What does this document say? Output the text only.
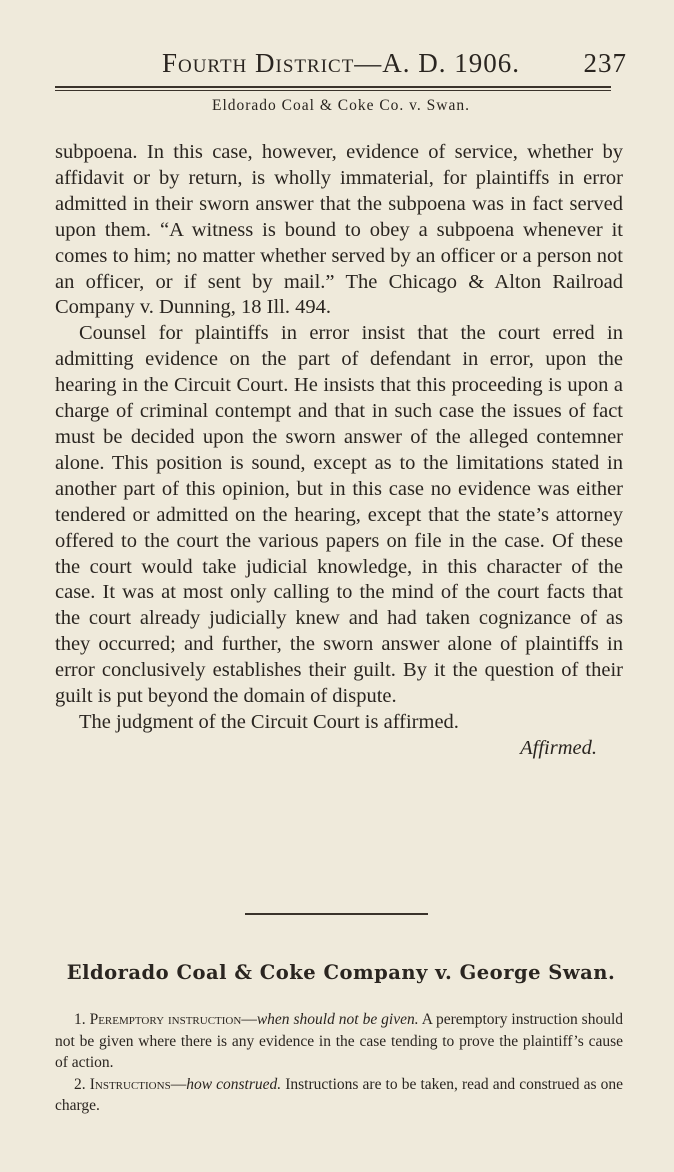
Fourth District—A. D. 1906.	237
Eldorado Coal & Coke Co. v. Swan.

subpoena. In this case, however, evidence of service, whether by affidavit or by return, is wholly immaterial, for plaintiffs in error admitted in their sworn answer that the subpoena was in fact served upon them. “A witness is bound to obey a subpoena whenever it comes to him; no matter whether served by an officer or a person not an officer, or if sent by mail.” The Chicago & Alton Railroad Company v. Dunning, 18 Ill. 494.

Counsel for plaintiffs in error insist that the court erred in admitting evidence on the part of defendant in error, upon the hearing in the Circuit Court. He insists that this proceeding is upon a charge of criminal contempt and that in such case the issues of fact must be decided upon the sworn answer of the alleged contemner alone. This position is sound, except as to the limitations stated in another part of this opinion, but in this case no evidence was either tendered or admitted on the hearing, except that the state’s attorney offered to the court the various papers on file in the case. Of these the court would take judicial knowledge, in this character of the case. It was at most only calling to the mind of the court facts that the court already judicially knew and had taken cognizance of as they occurred; and further, the sworn answer alone of plaintiffs in error conclusively establishes their guilt. By it the question of their guilt is put beyond the domain of dispute.

The judgment of the Circuit Court is affirmed.

Affirmed.

Eldorado Coal & Coke Company v. George Swan.

1. Peremptory instruction—when should not be given. A peremptory instruction should not be given where there is any evidence in the case tending to prove the plaintiff’s cause of action.

2. Instructions—how construed. Instructions are to be taken, read and construed as one charge.
